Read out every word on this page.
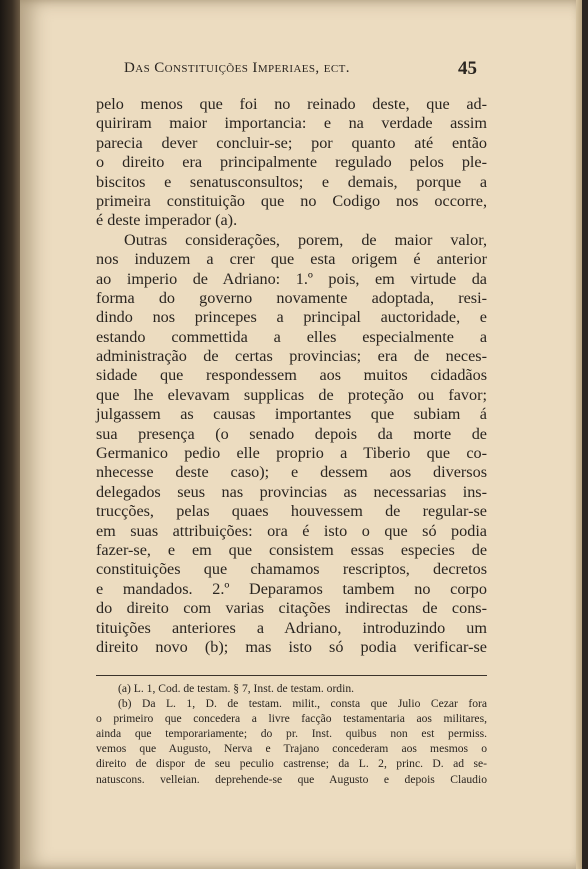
Das Constituições Imperiaes, ect.	45
pelo menos que foi no reinado deste, que ad-
quiriram maior importancia: e na verdade assim
parecia dever concluir-se; por quanto até então
o direito era principalmente regulado pelos ple-
biscitos e senatusconsultos; e demais, porque a
primeira constituição que no Codigo nos occorre,
é deste imperador (a).
Outras considerações, porem, de maior valor,
nos induzem a crer que esta origem é anterior
ao imperio de Adriano: 1.º pois, em virtude da
forma do governo novamente adoptada, resi-
dindo nos princepes a principal auctoridade, e
estando commettida a elles especialmente a
administração de certas provincias; era de neces-
sidade que respondessem aos muitos cidadãos
que lhe elevavam supplicas de proteção ou favor;
julgassem as causas importantes que subiam á
sua presença (o senado depois da morte de
Germanico pedio elle proprio a Tiberio que co-
nhecesse deste caso); e dessem aos diversos
delegados seus nas provincias as necessarias ins-
trucções, pelas quaes houvessem de regular-se
em suas attribuições: ora é isto o que só podia
fazer-se, e em que consistem essas especies de
constituições que chamamos rescriptos, decretos
e mandados. 2.º Deparamos tambem no corpo
do direito com varias citações indirectas de cons-
tituições anteriores a Adriano, introduzindo um
direito novo (b); mas isto só podia verificar-se
(a) L. 1, Cod. de testam. § 7, Inst. de testam. ordin.
(b) Da L. 1, D. de testam. milit., consta que Julio Cezar fora
o primeiro que concedera a livre facção testamentaria aos militares,
ainda que temporariamente; do pr. Inst. quibus non est permiss.
vemos que Augusto, Nerva e Trajano concederam aos mesmos o
direito de dispor de seu peculio castrense; da L. 2, princ. D. ad se-
natuscons. velleian. deprehende-se que Augusto e depois Claudio
